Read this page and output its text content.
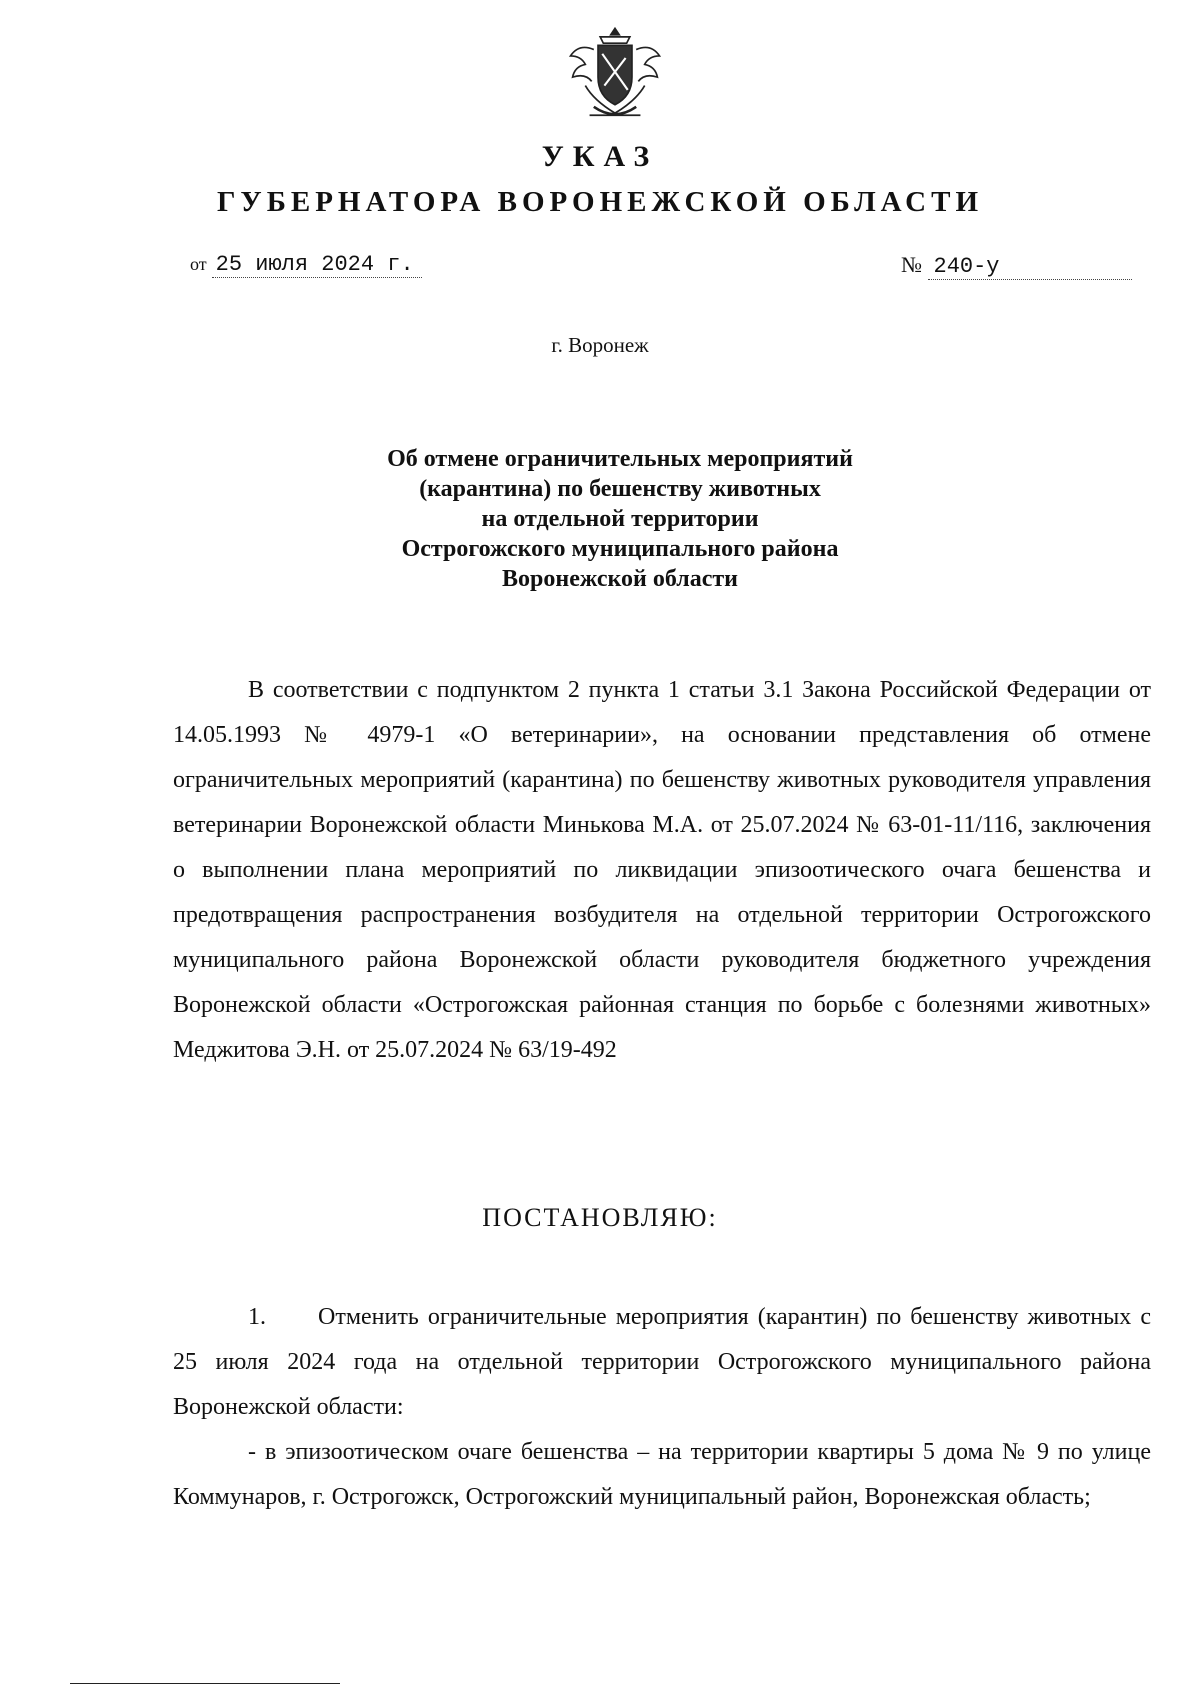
УКАЗ
ГУБЕРНАТОРА ВОРОНЕЖСКОЙ ОБЛАСТИ
от 25 июля 2024 г.	№ 240-у
г. Воронеж
Об отмене ограничительных мероприятий
(карантина) по бешенству животных
на отдельной территории
Острогожского муниципального района
Воронежской области
В соответствии с подпунктом 2 пункта 1 статьи 3.1 Закона Российской Федерации от 14.05.1993 № 4979-1 «О ветеринарии», на основании представления об отмене ограничительных мероприятий (карантина) по бешенству животных руководителя управления ветеринарии Воронежской области Минькова М.А. от 25.07.2024 № 63-01-11/116, заключения о выполнении плана мероприятий по ликвидации эпизоотического очага бешенства и предотвращения распространения возбудителя на отдельной территории Острогожского муниципального района Воронежской области руководителя бюджетного учреждения Воронежской области «Острогожская районная станция по борьбе с болезнями животных» Меджитова Э.Н. от 25.07.2024 № 63/19-492
ПОСТАНОВЛЯЮ:
1. Отменить ограничительные мероприятия (карантин) по бешенству животных с 25 июля 2024 года на отдельной территории Острогожского муниципального района Воронежской области:
- в эпизоотическом очаге бешенства – на территории квартиры 5 дома № 9 по улице Коммунаров, г. Острогожск, Острогожский муниципальный район, Воронежская область;
